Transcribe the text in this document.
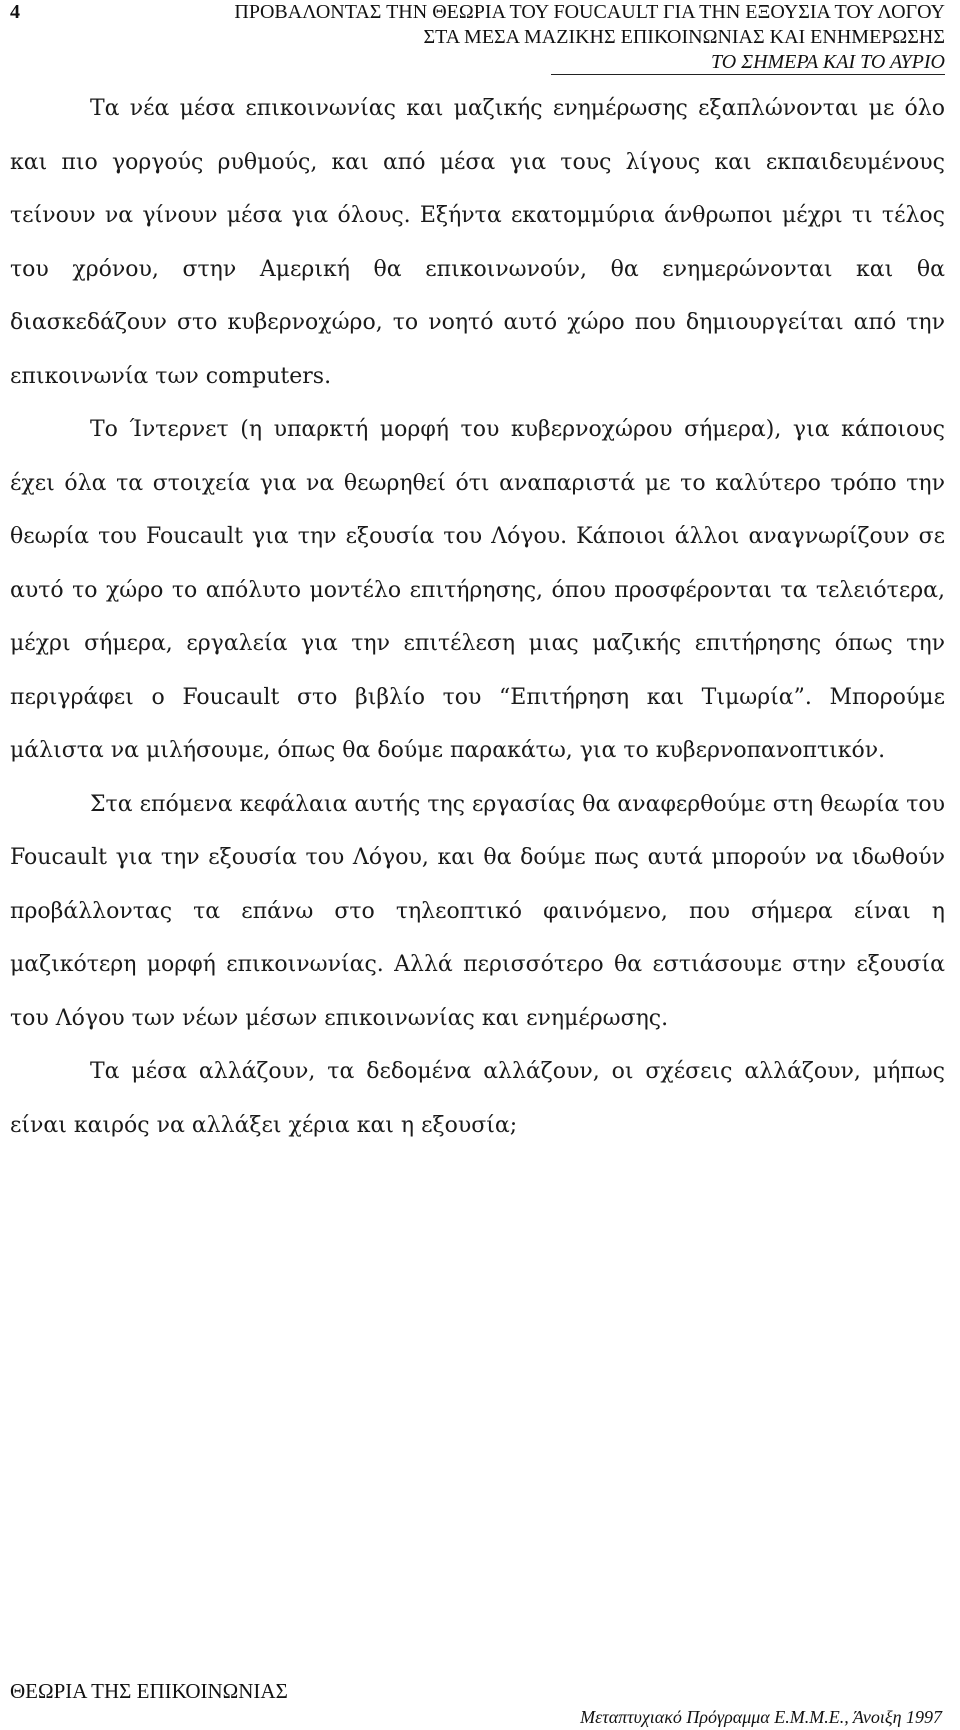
4	ΠΡΟΒΑΛΟΝΤΑΣ ΤΗΝ ΘΕΩΡΙΑ ΤΟΥ FOUCAULT ΓΙΑ ΤΗΝ ΕΞΟΥΣΙΑ ΤΟΥ ΛΟΓΟΥ
ΣΤΑ ΜΕΣΑ ΜΑΖΙΚΗΣ ΕΠΙΚΟΙΝΩΝΙΑΣ ΚΑΙ ΕΝΗΜΕΡΩΣΗΣ
ΤΟ ΣΗΜΕΡΑ ΚΑΙ ΤΟ ΑΥΡΙΟ

Τα νέα μέσα επικοινωνίας και μαζικής ενημέρωσης εξαπλώνονται με όλο και πιο γοργούς ρυθμούς, και από μέσα για τους λίγους και εκπαιδευμένους τείνουν να γίνουν μέσα για όλους. Εξήντα εκατομμύρια άνθρωποι μέχρι τι τέλος του χρόνου, στην Αμερική θα επικοινωνούν, θα ενημερώνονται και θα διασκεδάζουν στο κυβερνοχώρο, το νοητό αυτό χώρο που δημιουργείται από την επικοινωνία των computers.

Το Ίντερνετ (η υπαρκτή μορφή του κυβερνοχώρου σήμερα), για κάποιους έχει όλα τα στοιχεία για να θεωρηθεί ότι αναπαριστά με το καλύτερο τρόπο την θεωρία του Foucault για την εξουσία του Λόγου. Κάποιοι άλλοι αναγνωρίζουν σε αυτό το χώρο το απόλυτο μοντέλο επιτήρησης, όπου προσφέρονται τα τελειότερα, μέχρι σήμερα, εργαλεία για την επιτέλεση μιας μαζικής επιτήρησης όπως την περιγράφει ο Foucault στο βιβλίο του “Επιτήρηση και Τιμωρία”. Μπορούμε μάλιστα να μιλήσουμε, όπως θα δούμε παρακάτω, για το κυβερνοπανοπτικόν.

Στα επόμενα κεφάλαια αυτής της εργασίας θα αναφερθούμε στη θεωρία του Foucault για την εξουσία του Λόγου, και θα δούμε πως αυτά μπορούν να ιδωθούν προβάλλοντας τα επάνω στο τηλεοπτικό φαινόμενο, που σήμερα είναι η μαζικότερη μορφή επικοινωνίας. Αλλά περισσότερο θα εστιάσουμε στην εξουσία του Λόγου των νέων μέσων επικοινωνίας και ενημέρωσης.

Τα μέσα αλλάζουν, τα δεδομένα αλλάζουν, οι σχέσεις αλλάζουν, μήπως είναι καιρός να αλλάξει χέρια και η εξουσία;

ΘΕΩΡΙΑ ΤΗΣ ΕΠΙΚΟΙΝΩΝΙΑΣ
Μεταπτυχιακό Πρόγραμμα Ε.Μ.Μ.Ε., Άνοιξη 1997
